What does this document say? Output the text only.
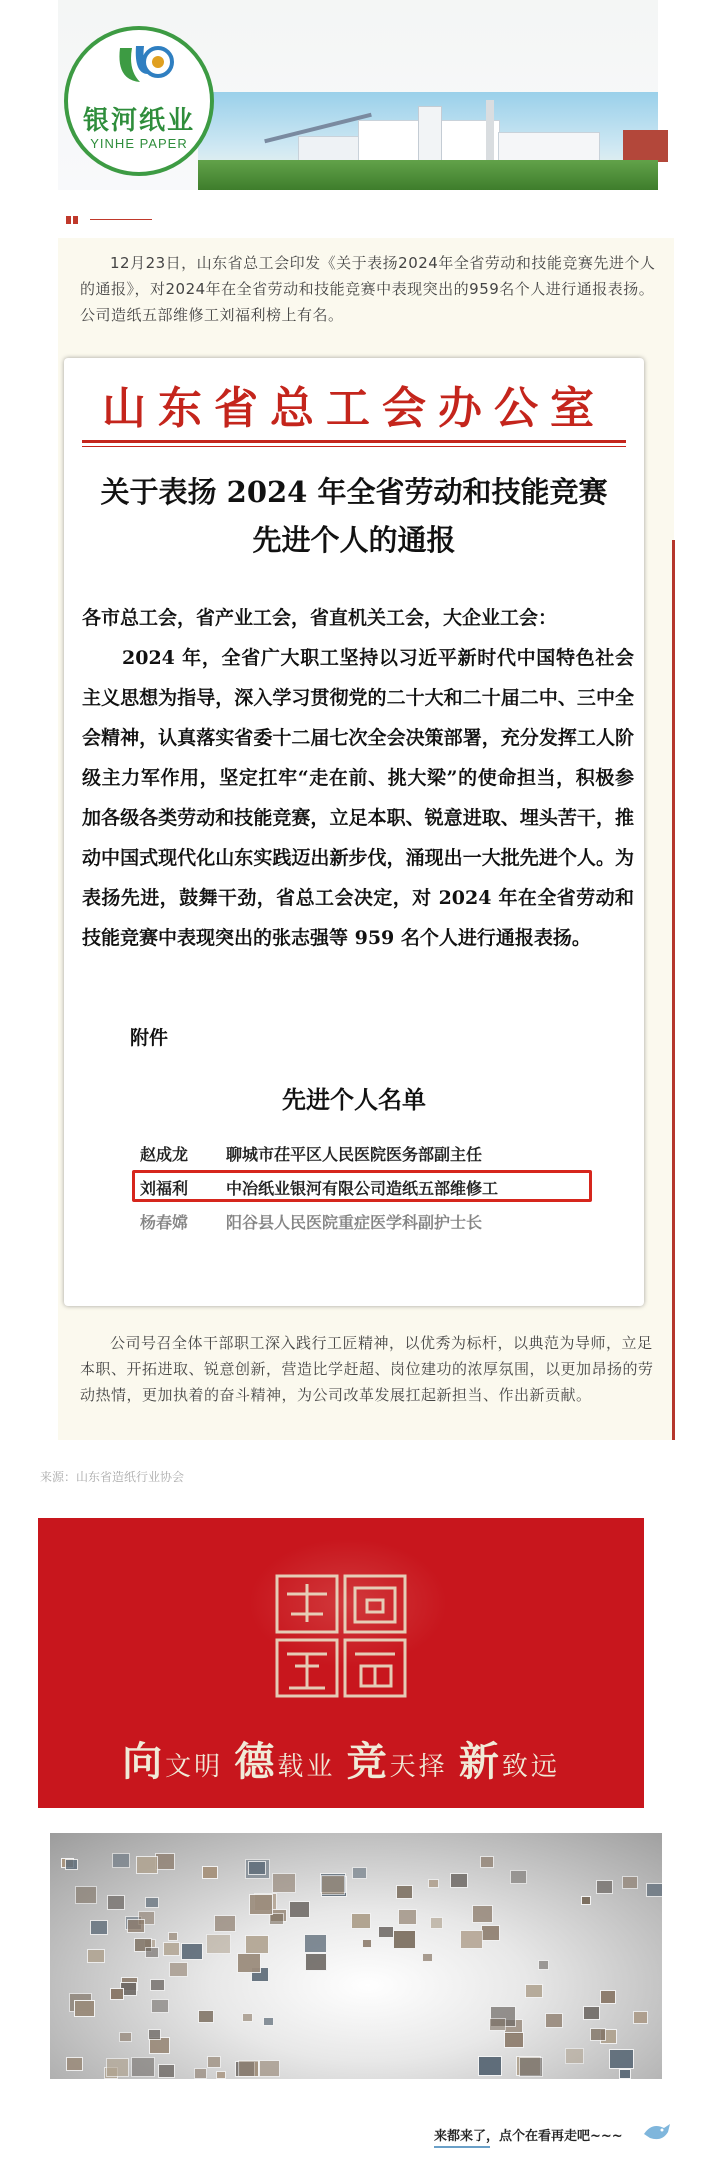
银河纸业
YINHE PAPER
12月23日，山东省总工会印发《关于表扬2024年全省劳动和技能竞赛先进个人的通报》，对2024年在全省劳动和技能竞赛中表现突出的959名个人进行通报表扬。公司造纸五部维修工刘福利榜上有名。
山东省总工会办公室
关于表扬 2024 年全省劳动和技能竞赛
先进个人的通报
各市总工会，省产业工会，省直机关工会，大企业工会：
2024 年，全省广大职工坚持以习近平新时代中国特色社会主义思想为指导，深入学习贯彻党的二十大和二十届二中、三中全会精神，认真落实省委十二届七次全会决策部署，充分发挥工人阶级主力军作用，坚定扛牢“走在前、挑大梁”的使命担当，积极参加各级各类劳动和技能竞赛，立足本职、锐意进取、埋头苦干，推动中国式现代化山东实践迈出新步伐，涌现出一大批先进个人。为表扬先进，鼓舞干劲，省总工会决定，对 2024 年在全省劳动和技能竞赛中表现突出的张志强等 959 名个人进行通报表扬。
附件
先进个人名单
赵成龙	聊城市茌平区人民医院医务部副主任
刘福利	中冶纸业银河有限公司造纸五部维修工
杨春嫦	阳谷县人民医院重症医学科副护士长
公司号召全体干部职工深入践行工匠精神，以优秀为标杆，以典范为导师，立足本职、开拓进取、锐意创新，营造比学赶超、岗位建功的浓厚氛围，以更加昂扬的劳动热情，更加执着的奋斗精神，为公司改革发展扛起新担当、作出新贡献。
来源：山东省造纸行业协会
向文明 德载业 竞天择 新致远
来都来了，点个在看再走吧~~~
